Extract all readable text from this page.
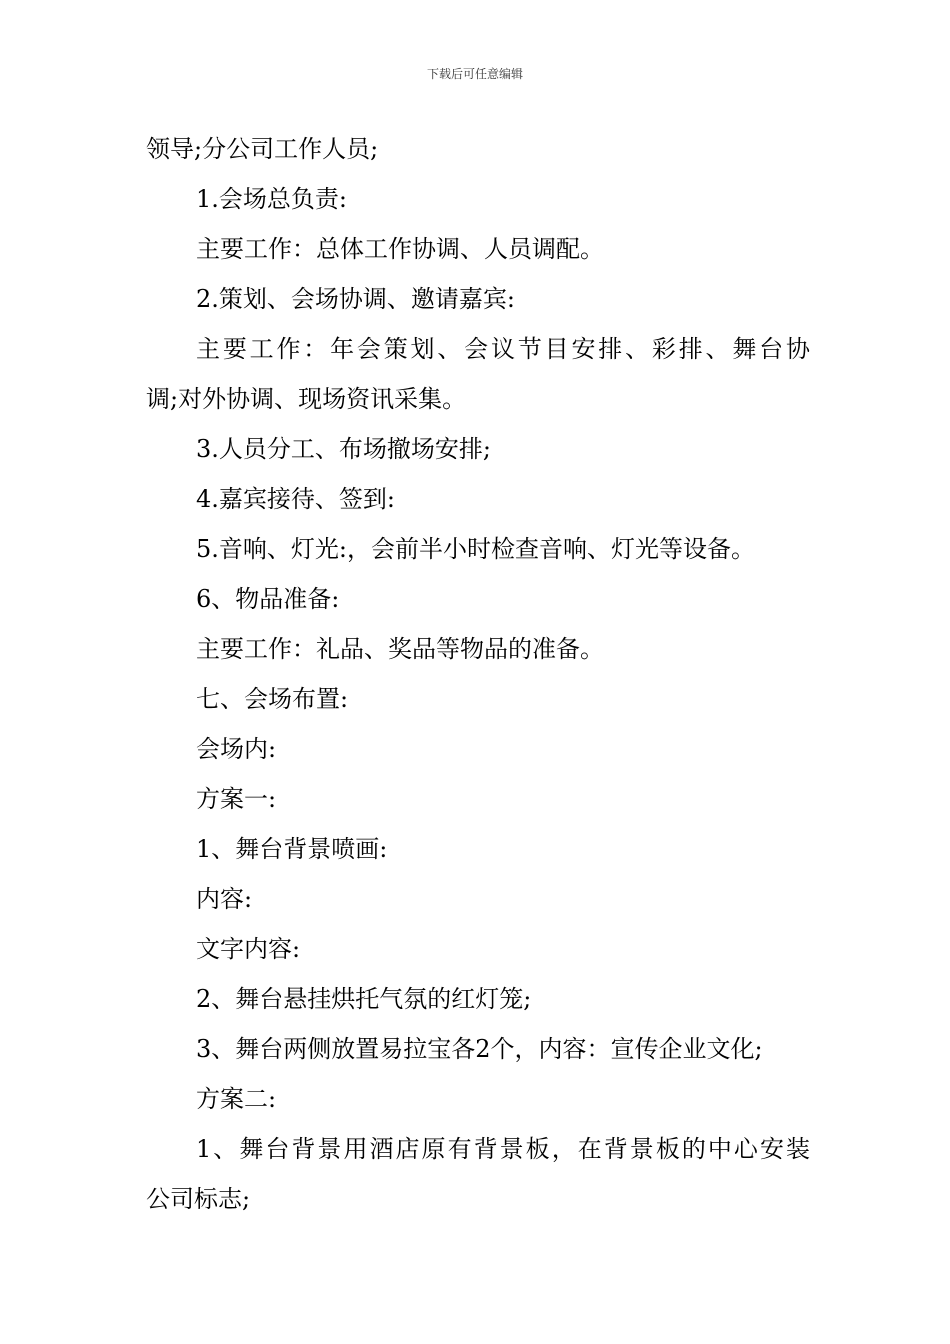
下载后可任意编辑
领导;分公司工作人员;
1.会场总负责:
主要工作：总体工作协调、人员调配。
2.策划、会场协调、邀请嘉宾:
主要工作：年会策划、会议节目安排、彩排、舞台协
调;对外协调、现场资讯采集。
3.人员分工、布场撤场安排;
4.嘉宾接待、签到:
5.音响、灯光:，会前半小时检查音响、灯光等设备。
6、物品准备:
主要工作：礼品、奖品等物品的准备。
七、会场布置:
会场内:
方案一:
1、舞台背景喷画:
内容:
文字内容:
2、舞台悬挂烘托气氛的红灯笼;
3、舞台两侧放置易拉宝各2个，内容：宣传企业文化;
方案二:
1、舞台背景用酒店原有背景板，在背景板的中心安装
公司标志;
